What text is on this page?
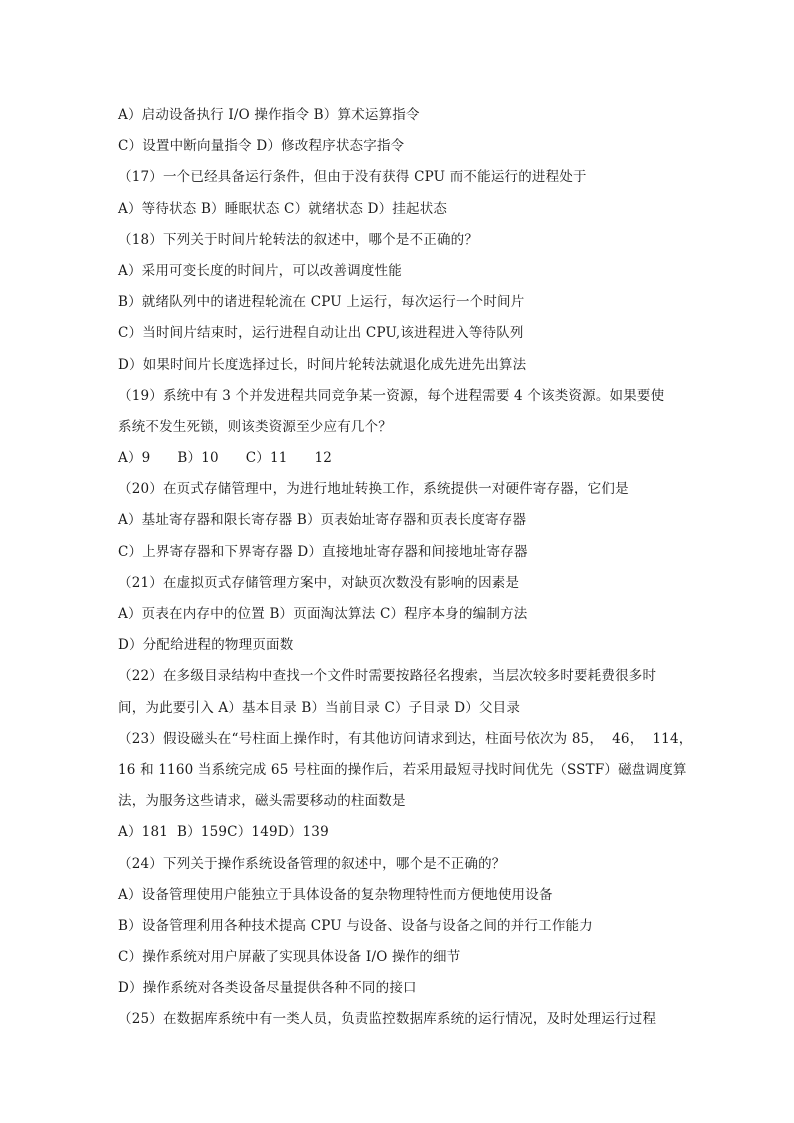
A）启动设备执行 I/O 操作指令 B）算术运算指令
C）设置中断向量指令 D）修改程序状态字指令
（17）一个已经具备运行条件，但由于没有获得 CPU 而不能运行的进程处于
A）等待状态 B）睡眠状态 C）就绪状态 D）挂起状态
（18）下列关于时间片轮转法的叙述中，哪个是不正确的？
A）采用可变长度的时间片，可以改善调度性能
B）就绪队列中的诸进程轮流在 CPU 上运行，每次运行一个时间片
C）当时间片结束时，运行进程自动让出 CPU,该进程进入等待队列
D）如果时间片长度选择过长，时间片轮转法就退化成先进先出算法
（19）系统中有 3 个并发进程共同竞争某一资源，每个进程需要 4 个该类资源。如果要使
系统不发生死锁，则该类资源至少应有几个？
A）9      B）10      C）11      12
（20）在页式存储管理中，为进行地址转换工作，系统提供一对硬件寄存器，它们是
A）基址寄存器和限长寄存器 B）页表始址寄存器和页表长度寄存器
C）上界寄存器和下界寄存器 D）直接地址寄存器和间接地址寄存器
（21）在虚拟页式存储管理方案中，对缺页次数没有影响的因素是
A）页表在内存中的位置 B）页面淘汰算法 C）程序本身的编制方法
D）分配给进程的物理页面数
（22）在多级目录结构中查找一个文件时需要按路径名搜索，当层次较多时要耗费很多时
间，为此要引入 A）基本目录 B）当前目录 C）子目录 D）父目录
（23）假设磁头在“号柱面上操作时，有其他访问请求到达，柱面号依次为 85，  46，  114，
16 和 1160 当系统完成 65 号柱面的操作后，若采用最短寻找时间优先（SSTF）磁盘调度算
法，为服务这些请求，磁头需要移动的柱面数是
A）181  B）159C）149D）139
（24）下列关于操作系统设备管理的叙述中，哪个是不正确的？
A）设备管理使用户能独立于具体设备的复杂物理特性而方便地使用设备
B）设备管理利用各种技术提高 CPU 与设备、设备与设备之间的并行工作能力
C）操作系统对用户屏蔽了实现具体设备 I/O 操作的细节
D）操作系统对各类设备尽量提供各种不同的接口
（25）在数据库系统中有一类人员，负责监控数据库系统的运行情况，及时处理运行过程
